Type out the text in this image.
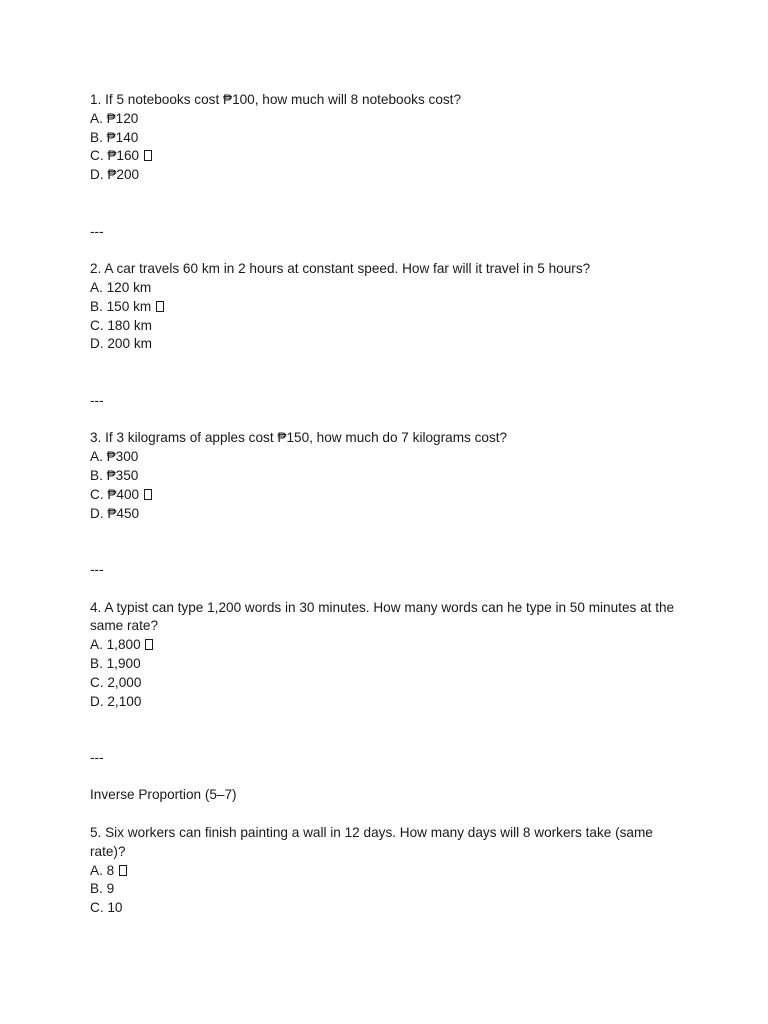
1. If 5 notebooks cost ₱100, how much will 8 notebooks cost?

A. ₱120

B. ₱140

C. ₱160

D. ₱200

---

2. A car travels 60 km in 2 hours at constant speed. How far will it travel in 5 hours?

A. 120 km

B. 150 km

C. 180 km

D. 200 km

---

3. If 3 kilograms of apples cost ₱150, how much do 7 kilograms cost?

A. ₱300

B. ₱350

C. ₱400

D. ₱450

---

4. A typist can type 1,200 words in 30 minutes. How many words can he type in 50 minutes at the same rate?

A. 1,800

B. 1,900

C. 2,000

D. 2,100

---

Inverse Proportion (5–7)

5. Six workers can finish painting a wall in 12 days. How many days will 8 workers take (same rate)?

A. 8

B. 9

C. 10
